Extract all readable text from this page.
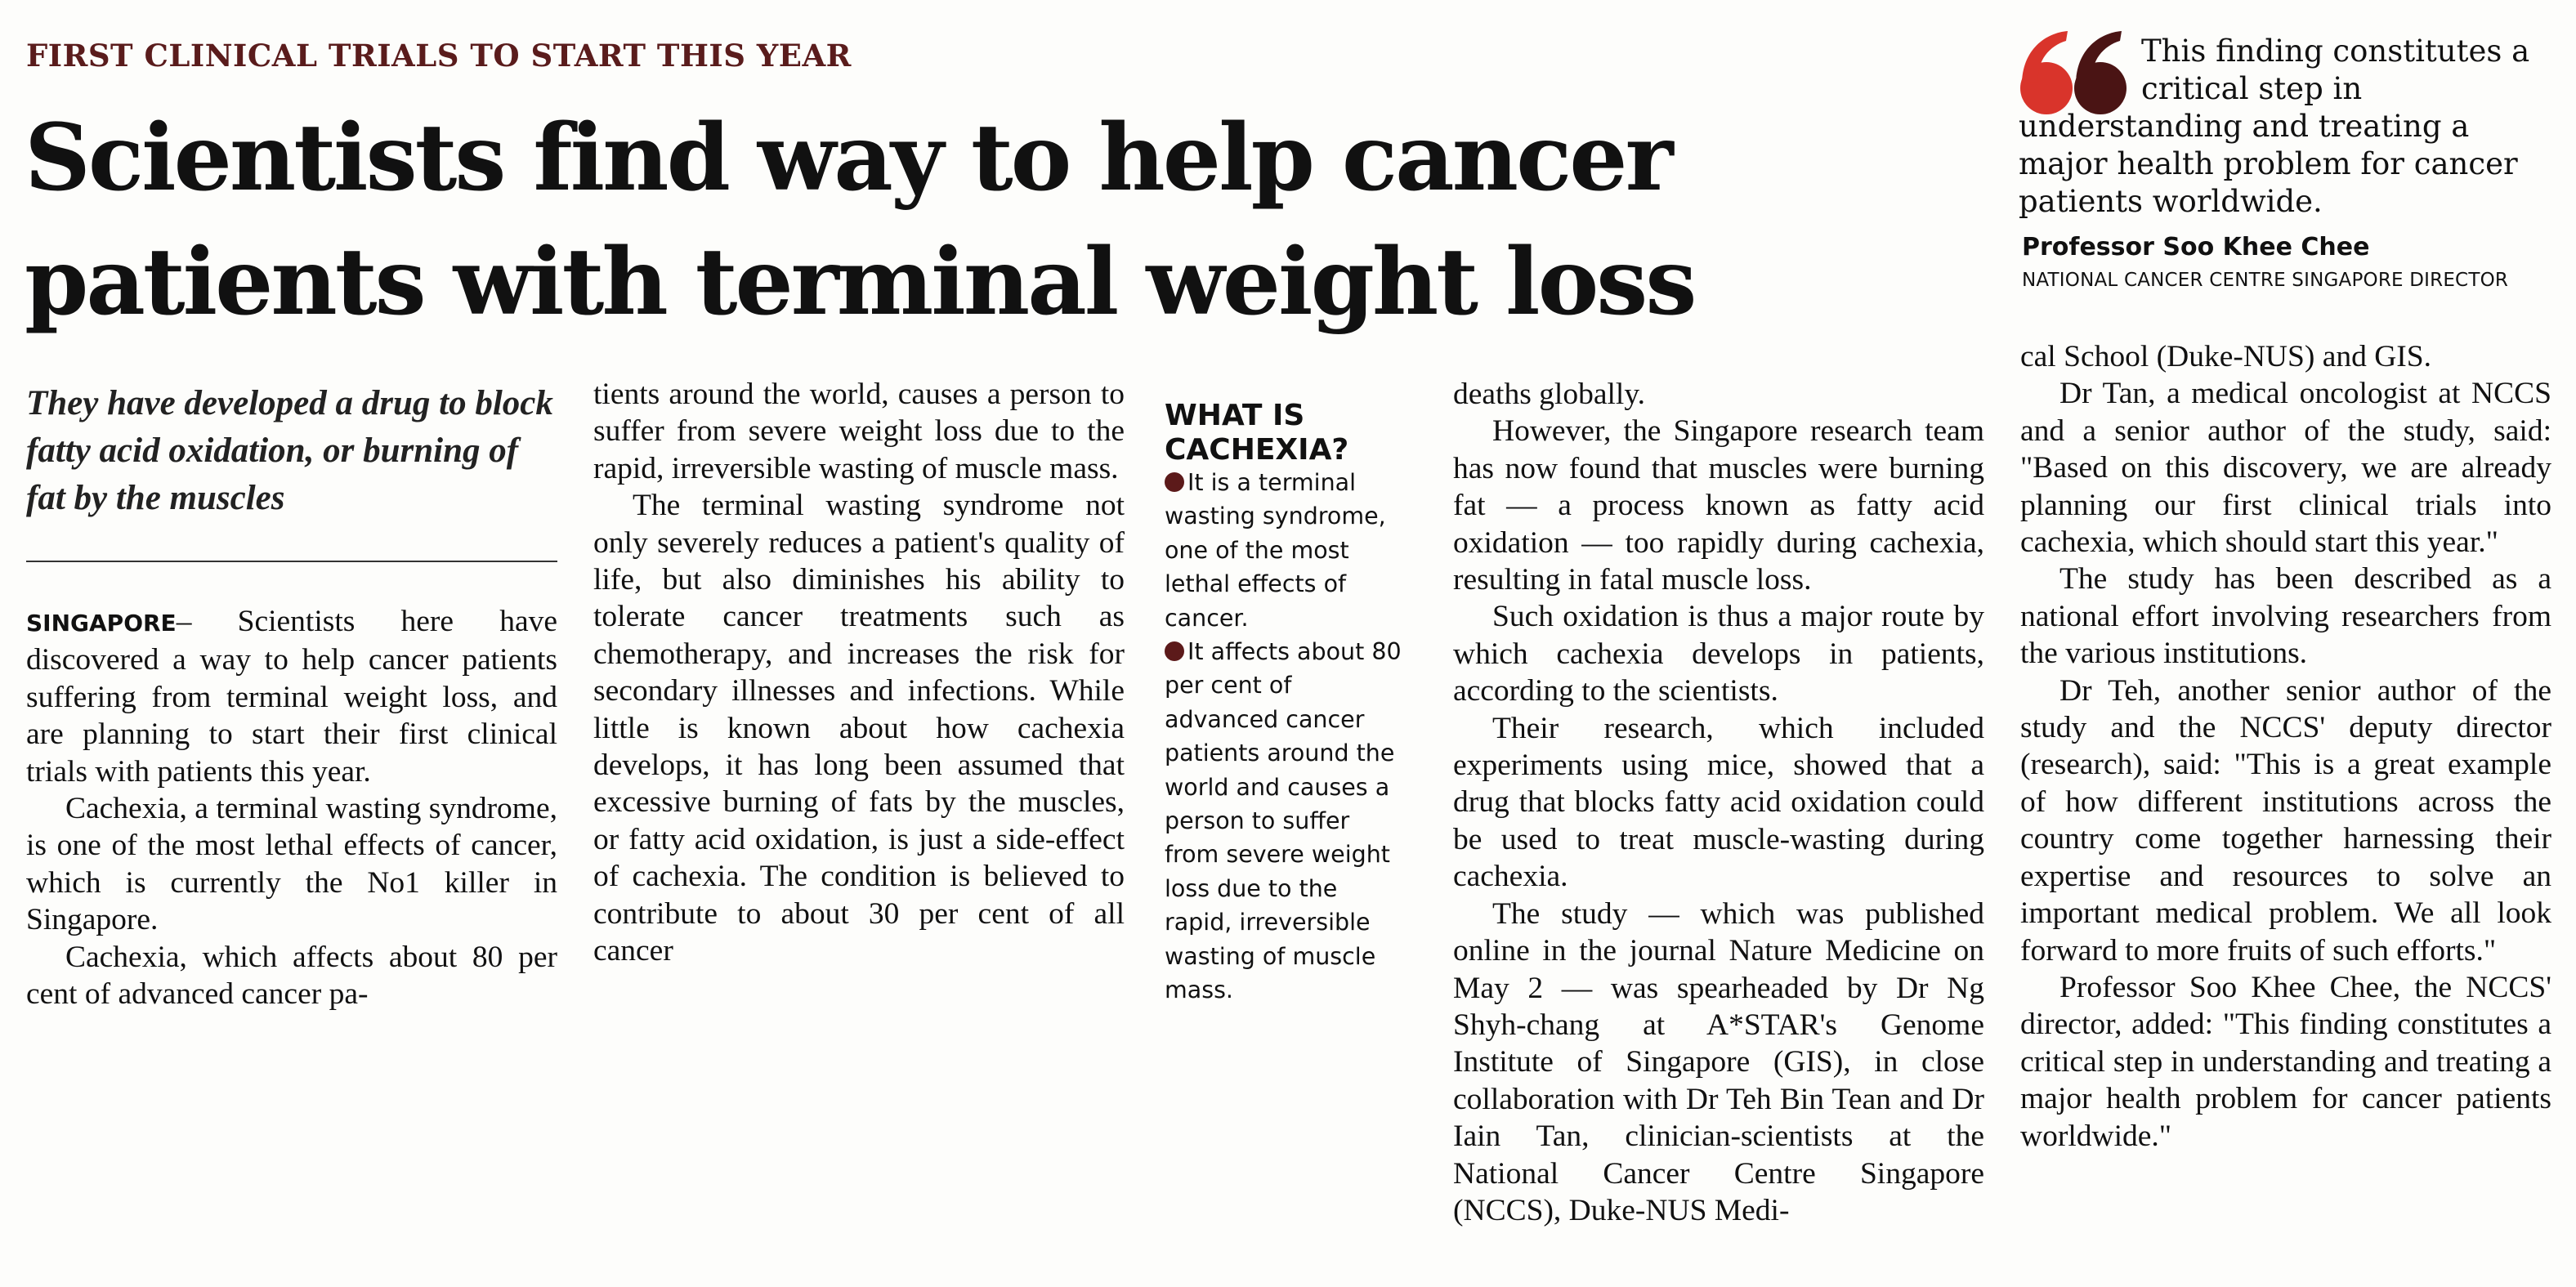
FIRST CLINICAL TRIALS TO START THIS YEAR
Scientists find way to help cancer
patients with terminal weight loss
They have developed a drug to block fatty acid oxidation, or burning of fat by the muscles

SINGAPORE– Scientists here have discovered a way to help cancer patients suffering from terminal weight loss, and are planning to start their first clinical trials with patients this year.

Cachexia, a terminal wasting syndrome, is one of the most lethal effects of cancer, which is currently the No1 killer in Singapore.

Cachexia, which affects about 80 per cent of advanced cancer pa-

tients around the world, causes a person to suffer from severe weight loss due to the rapid, irreversible wasting of muscle mass.

The terminal wasting syndrome not only severely reduces a patient's quality of life, but also diminishes his ability to tolerate cancer treatments such as chemotherapy, and increases the risk for secondary illnesses and infections. While little is known about how cachexia develops, it has long been assumed that excessive burning of fats by the muscles, or fatty acid oxidation, is just a side-effect of cachexia. The condition is believed to contribute to about 30 per cent of all cancer

WHAT IS CACHEXIA?
It is a terminal wasting syndrome, one of the most lethal effects of cancer.
It affects about 80 per cent of advanced cancer patients around the world and causes a person to suffer from severe weight loss due to the rapid, irreversible wasting of muscle mass.

deaths globally.

However, the Singapore research team has now found that muscles were burning fat — a process known as fatty acid oxidation — too rapidly during cachexia, resulting in fatal muscle loss.

Such oxidation is thus a major route by which cachexia develops in patients, according to the scientists.

Their research, which included experiments using mice, showed that a drug that blocks fatty acid oxidation could be used to treat muscle-wasting during cachexia.

The study — which was published online in the journal Nature Medicine on May 2 — was spearheaded by Dr Ng Shyh-chang at A*STAR's Genome Institute of Singapore (GIS), in close collaboration with Dr Teh Bin Tean and Dr Iain Tan, clinician-scientists at the National Cancer Centre Singapore (NCCS), Duke-NUS Medi-

This finding constitutes a critical step in understanding and treating a major health problem for cancer patients worldwide.
Professor Soo Khee Chee
NATIONAL CANCER CENTRE SINGAPORE DIRECTOR

cal School (Duke-NUS) and GIS.

Dr Tan, a medical oncologist at NCCS and a senior author of the study, said: "Based on this discovery, we are already planning our first clinical trials into cachexia, which should start this year."

The study has been described as a national effort involving researchers from the various institutions.

Dr Teh, another senior author of the study and the NCCS' deputy director (research), said: "This is a great example of how different institutions across the country come together harnessing their expertise and resources to solve an important medical problem. We all look forward to more fruits of such efforts."

Professor Soo Khee Chee, the NCCS' director, added: "This finding constitutes a critical step in understanding and treating a major health problem for cancer patients worldwide."
